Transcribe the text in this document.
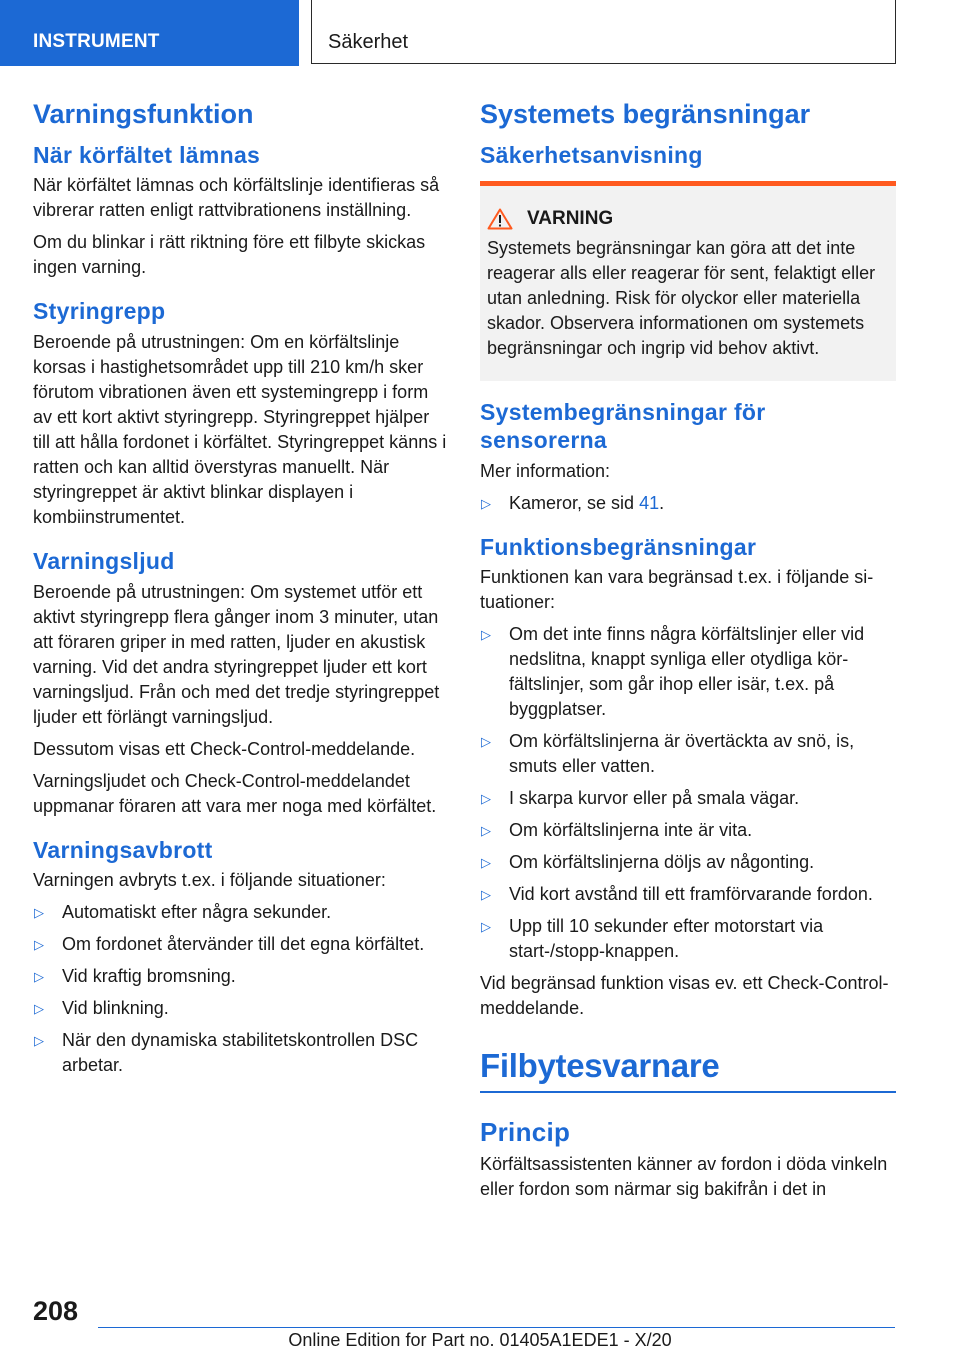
INSTRUMENT	Säkerhet
Varningsfunktion
När körfältet lämnas

När körfältet lämnas och körfältslinje identifieras så vibrerar ratten enligt rattvibrationens inställning.

Om du blinkar i rätt riktning före ett filbyte skickas ingen varning.

Styringrepp

Beroende på utrustningen: Om en körfältslinje korsas i hastighetsområdet upp till 210 km/h sker förutom vibrationen även ett systemingrepp i form av ett kort aktivt styringrepp. Styringreppet hjälper till att hålla fordonet i körfältet. Styringreppet känns i ratten och kan alltid överstyras manuellt. När styringreppet är aktivt blinkar displayen i kombiinstrumentet.

Varningsljud

Beroende på utrustningen: Om systemet utför ett aktivt styringrepp flera gånger inom 3 minuter, utan att föraren griper in med ratten, ljuder en akustisk varning. Vid det andra styringreppet ljuder ett kort varningsljud. Från och med det tredje styringreppet ljuder ett förlängt varningsljud.

Dessutom visas ett Check-Control-meddelande.

Varningsljudet och Check-Control-meddelandet uppmanar föraren att vara mer noga med körfältet.

Varningsavbrott

Varningen avbryts t.ex. i följande situationer:

▷ Automatiskt efter några sekunder.
▷ Om fordonet återvänder till det egna körfältet.
▷ Vid kraftig bromsning.
▷ Vid blinkning.
▷ När den dynamiska stabilitetskontrollen DSC arbetar.
Systemets begränsningar
Säkerhetsanvisning
VARNING

Systemets begränsningar kan göra att det inte reagerar alls eller reagerar för sent, felaktigt eller utan anledning. Risk för olyckor eller materiella skador. Observera informationen om systemets begränsningar och ingrip vid behov aktivt.

Systembegränsningar för sensorerna

Mer information:

▷ Kameror, se sid 41.
Funktionsbegränsningar

Funktionen kan vara begränsad t.ex. i följande situationer:

▷ Om det inte finns några körfältslinjer eller vid nedslitna, knappt synliga eller otydliga körfältslinjer, som går ihop eller isär, t.ex. på byggplatser.
▷ Om körfältslinjerna är övertäckta av snö, is, smuts eller vatten.
▷ I skarpa kurvor eller på smala vägar.
▷ Om körfältslinjerna inte är vita.
▷ Om körfältslinjerna döljs av någonting.
▷ Vid kort avstånd till ett framförvarande fordon.
▷ Upp till 10 sekunder efter motorstart via start-/stopp-knappen.

Vid begränsad funktion visas ev. ett Check-Control-meddelande.

Filbytesvarnare
Princip

Körfältsassistenten känner av fordon i döda vinkeln eller fordon som närmar sig bakifrån i det in

208
Online Edition for Part no. 01405A1EDE1 - X/20
